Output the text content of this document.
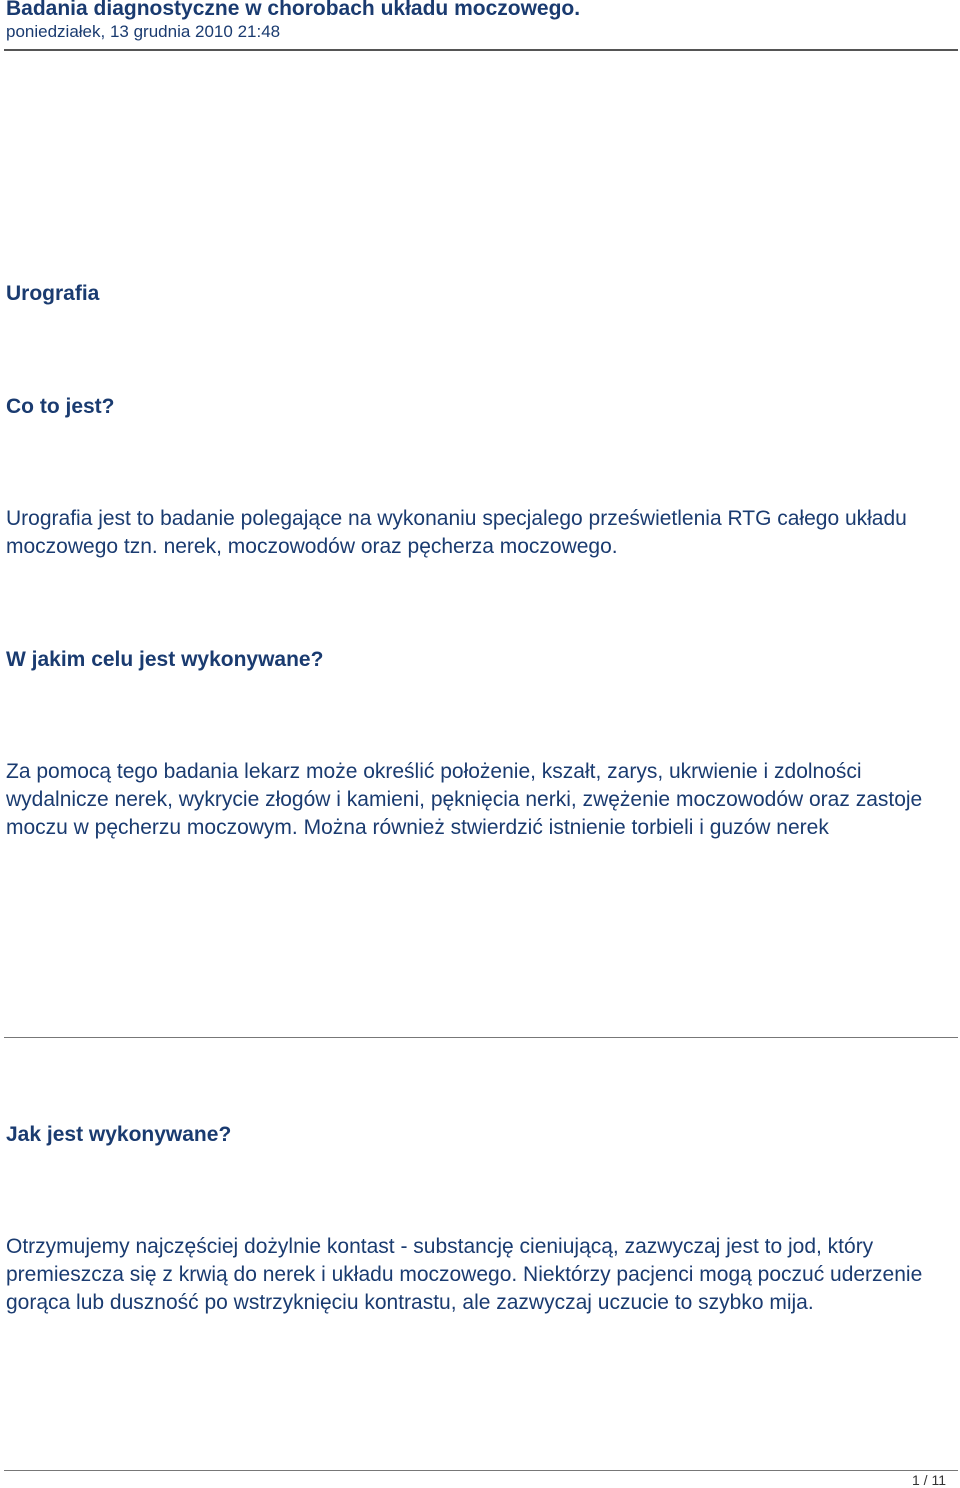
Badania diagnostyczne w chorobach układu moczowego.
poniedziałek, 13 grudnia 2010 21:48
Urografia
Co to jest?

Urografia jest to badanie polegające na wykonaniu specjalego prześwietlenia RTG całego układu moczowego tzn. nerek, moczowodów oraz pęcherza moczowego.

W jakim celu jest wykonywane?

Za pomocą tego badania lekarz może określić położenie, kszałt, zarys, ukrwienie i zdolności wydalnicze nerek, wykrycie złogów i kamieni, pęknięcia nerki, zwężenie moczowodów oraz zastoje moczu w pęcherzu moczowym. Można również stwierdzić istnienie torbieli i guzów nerek

Jak jest wykonywane?

Otrzymujemy najczęściej dożylnie kontast - substancję cieniującą, zazwyczaj jest to jod, który premieszcza się z krwią do nerek i układu moczowego. Niektórzy pacjenci mogą poczuć uderzenie gorąca lub duszność po wstrzyknięciu kontrastu, ale zazwyczaj uczucie to szybko mija.

1 / 11
